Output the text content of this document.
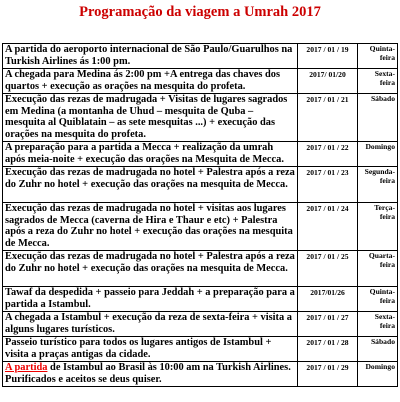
Programação da viagem a Umrah 2017
A partida do aeroporto internacional de São Paulo/Guarulhos na Turkish Airlines ás 1:00 pm.	2017 / 01 / 19	Quinta-feira
A chegada para Medina ás 2:00 pm +A entrega das chaves dos quartos + execução as orações na mesquita do profeta.	2017/ 01/20	Sexta-feira
Execução das rezas de madrugada + Visitas de lugares sagrados em Medina (a montanha de Uhud – mesquita de Quba – mesquita al Quiblatain – as sete mesquitas ...) + execução das orações na mesquita do profeta.	2017 / 01 / 21	Sábado
A preparação para a partida a Mecca + realização da umrah após meia-noite + execução das orações na Mesquita de Mecca.	2017 / 01 / 22	Domingo
Execução das rezas de madrugada no hotel + Palestra após a reza do Zuhr no hotel + execução das orações na mesquita de Mecca.	2017 / 01 / 23	Segunda-feira
Execução das rezas de madrugada no hotel + visitas aos lugares sagrados de Mecca (caverna de Hira e Thaur e etc) + Palestra após a reza do Zuhr no hotel + execução das orações na mesquita de Mecca.	2017 / 01 / 24	Terça-feira
Execução das rezas de madrugada no hotel + Palestra após a reza do Zuhr no hotel + execução das orações na mesquita de Mecca.	2017 / 01 / 25	Quarta-feira
Tawaf da despedida + passeio para Jeddah + a preparação para a partida a Istambul.	2017/01/26	Quinta-feira
A chegada a Istambul + execução da reza de sexta-feira + visita a alguns lugares turísticos.	2017 / 01 / 27	Sexta-feira
Passeio turístico para todos os lugares antigos de Istambul + visita a praças antigas da cidade.	2017 / 01 / 28	Sábado
A partida de Istambul ao Brasil às 10:00 am na Turkish Airlines. Purificados e aceitos se deus quiser.	2017 / 01 / 29	Domingo
